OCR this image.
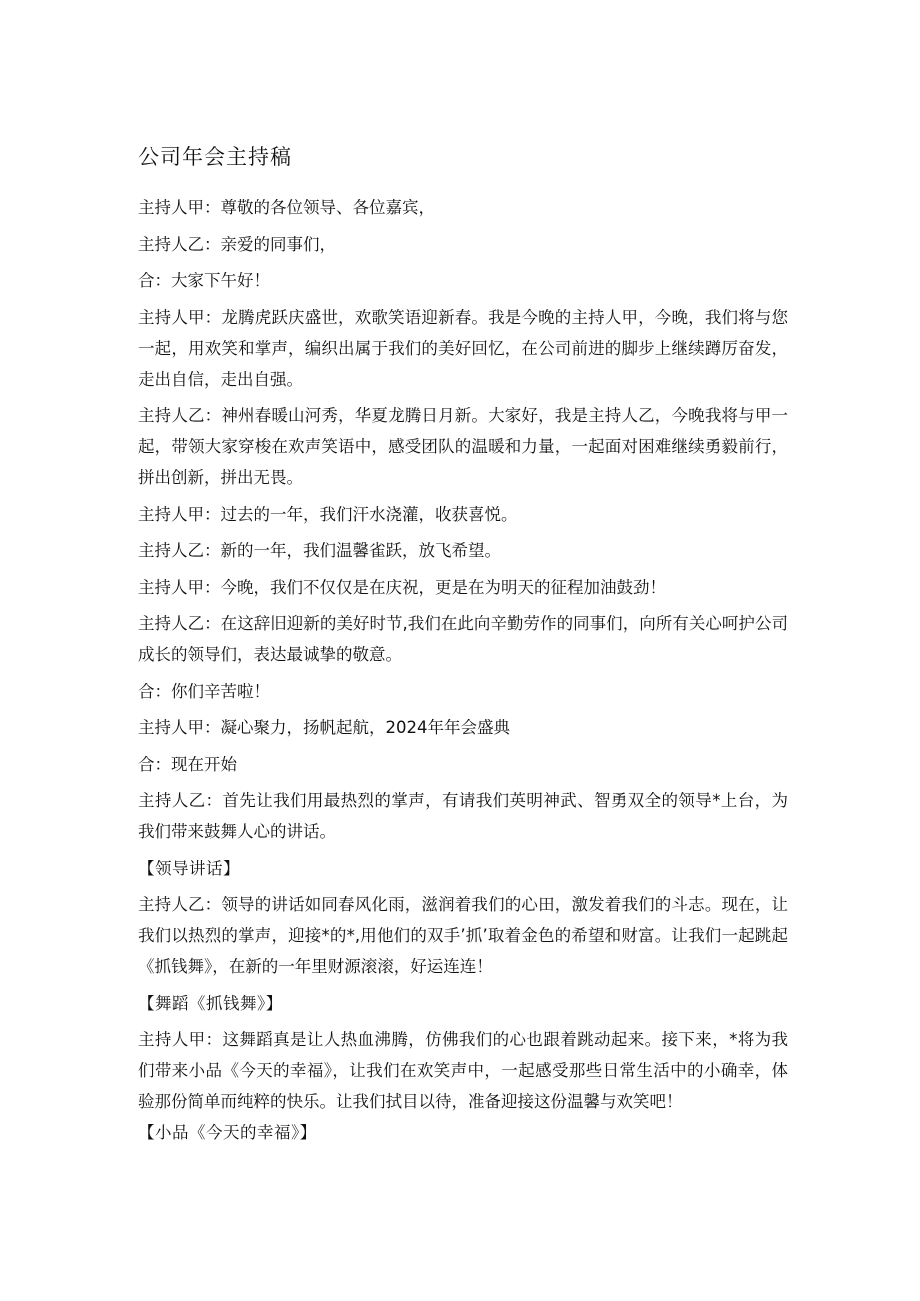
公司年会主持稿

主持人甲：尊敬的各位领导、各位嘉宾，

主持人乙：亲爱的同事们，

合：大家下午好！

主持人甲：龙腾虎跃庆盛世，欢歌笑语迎新春。我是今晚的主持人甲，今晚，我们将与您一起，用欢笑和掌声，编织出属于我们的美好回忆，在公司前进的脚步上继续蹲厉奋发，走出自信，走出自强。

主持人乙：神州春暖山河秀，华夏龙腾日月新。大家好，我是主持人乙，今晚我将与甲一起，带领大家穿梭在欢声笑语中，感受团队的温暖和力量，一起面对困难继续勇毅前行，拼出创新，拼出无畏。

主持人甲：过去的一年，我们汗水浇灌，收获喜悦。

主持人乙：新的一年，我们温馨雀跃，放飞希望。

主持人甲：今晚，我们不仅仅是在庆祝，更是在为明天的征程加油鼓劲！

主持人乙：在这辞旧迎新的美好时节,我们在此向辛勤劳作的同事们，向所有关心呵护公司成长的领导们，表达最诚挚的敬意。

合：你们辛苦啦！

主持人甲：凝心聚力，扬帆起航，2024年年会盛典

合：现在开始

主持人乙：首先让我们用最热烈的掌声，有请我们英明神武、智勇双全的领导*上台，为我们带来鼓舞人心的讲话。

【领导讲话】

主持人乙：领导的讲话如同春风化雨，滋润着我们的心田，激发着我们的斗志。现在，让我们以热烈的掌声，迎接*的*,用他们的双手’抓’取着金色的希望和财富。让我们一起跳起《抓钱舞》，在新的一年里财源滚滚，好运连连！

【舞蹈《抓钱舞》】

主持人甲：这舞蹈真是让人热血沸腾，仿佛我们的心也跟着跳动起来。接下来，*将为我们带来小品《今天的幸福》，让我们在欢笑声中，一起感受那些日常生活中的小确幸，体验那份简单而纯粹的快乐。让我们拭目以待，准备迎接这份温馨与欢笑吧！

【小品《今天的幸福》】
